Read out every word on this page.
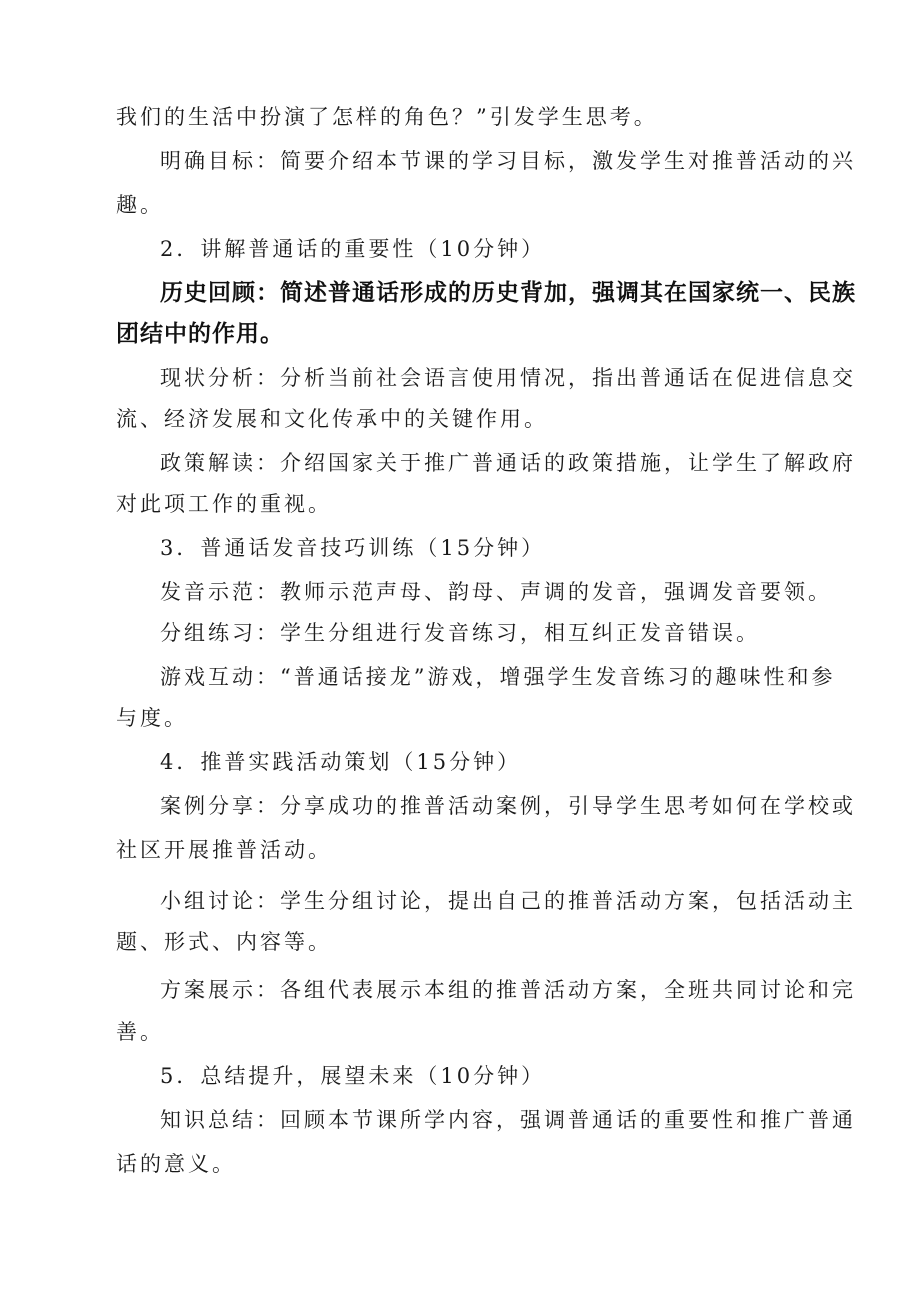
我们的生活中扮演了怎样的角色？”引发学生思考。
明确目标：简要介绍本节课的学习目标，激发学生对推普活动的兴
趣。
2．讲解普通话的重要性（10分钟）
历史回顾：简述普通话形成的历史背加，强调其在国家统一、民族
团结中的作用。
现状分析：分析当前社会语言使用情况，指出普通话在促进信息交
流、经济发展和文化传承中的关键作用。
政策解读：介绍国家关于推广普通话的政策措施，让学生了解政府
对此项工作的重视。
3．普通话发音技巧训练（15分钟）
发音示范：教师示范声母、韵母、声调的发音，强调发音要领。
分组练习：学生分组进行发音练习，相互纠正发音错误。
游戏互动：“普通话接龙”游戏，增强学生发音练习的趣味性和参
与度。
4．推普实践活动策划（15分钟）
案例分享：分享成功的推普活动案例，引导学生思考如何在学校或
社区开展推普活动。
小组讨论：学生分组讨论，提出自己的推普活动方案，包括活动主
题、形式、内容等。
方案展示：各组代表展示本组的推普活动方案，全班共同讨论和完
善。
5．总结提升，展望未来（10分钟）
知识总结：回顾本节课所学内容，强调普通话的重要性和推广普通
话的意义。
